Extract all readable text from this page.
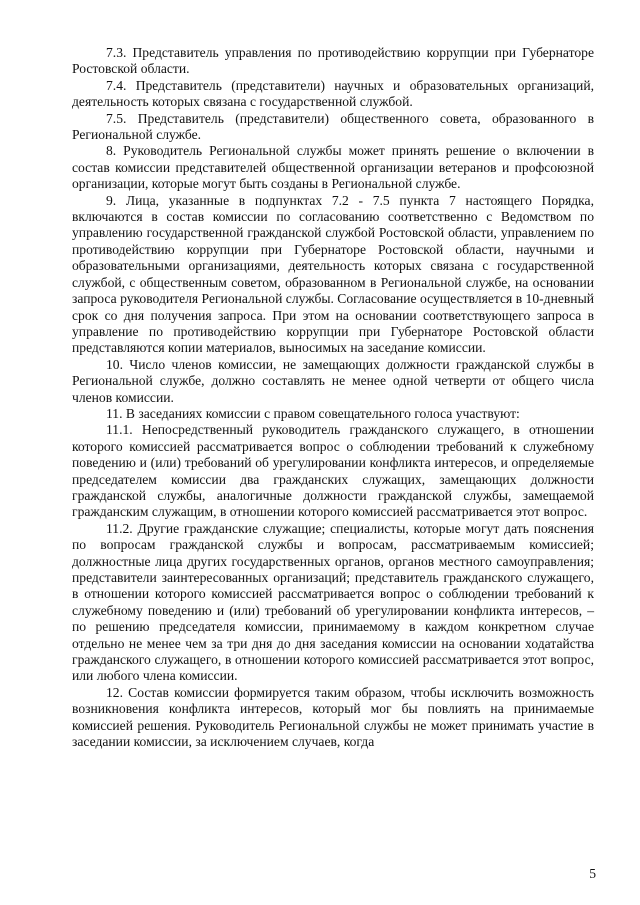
7.3. Представитель управления по противодействию коррупции при Губернаторе Ростовской области.

7.4. Представитель (представители) научных и образовательных организаций, деятельность которых связана с государственной службой.

7.5. Представитель (представители) общественного совета, образованного в Региональной службе.

8. Руководитель Региональной службы может принять решение о включении в состав комиссии представителей общественной организации ветеранов и профсоюзной организации, которые могут быть созданы в Региональной службе.

9. Лица, указанные в подпунктах 7.2 - 7.5 пункта 7 настоящего Порядка, включаются в состав комиссии по согласованию соответственно с Ведомством по управлению государственной гражданской службой Ростовской области, управлением по противодействию коррупции при Губернаторе Ростовской области, научными и образовательными организациями, деятельность которых связана с государственной службой, с общественным советом, образованном в Региональной службе, на основании запроса руководителя Региональной службы. Согласование осуществляется в 10-дневный срок со дня получения запроса. При этом на основании соответствующего запроса в управление по противодействию коррупции при Губернаторе Ростовской области представляются копии материалов, выносимых на заседание комиссии.

10. Число членов комиссии, не замещающих должности гражданской службы в Региональной службе, должно составлять не менее одной четверти от общего числа членов комиссии.

11. В заседаниях комиссии с правом совещательного голоса участвуют:

11.1. Непосредственный руководитель гражданского служащего, в отношении которого комиссией рассматривается вопрос о соблюдении требований к служебному поведению и (или) требований об урегулировании конфликта интересов, и определяемые председателем комиссии два гражданских служащих, замещающих должности гражданской службы, аналогичные должности гражданской службы, замещаемой гражданским служащим, в отношении которого комиссией рассматривается этот вопрос.

11.2. Другие гражданские служащие; специалисты, которые могут дать пояснения по вопросам гражданской службы и вопросам, рассматриваемым комиссией; должностные лица других государственных органов, органов местного самоуправления; представители заинтересованных организаций; представитель гражданского служащего, в отношении которого комиссией рассматривается вопрос о соблюдении требований к служебному поведению и (или) требований об урегулировании конфликта интересов, – по решению председателя комиссии, принимаемому в каждом конкретном случае отдельно не менее чем за три дня до дня заседания комиссии на основании ходатайства гражданского служащего, в отношении которого комиссией рассматривается этот вопрос, или любого члена комиссии.

12. Состав комиссии формируется таким образом, чтобы исключить возможность возникновения конфликта интересов, который мог бы повлиять на принимаемые комиссией решения. Руководитель Региональной службы не может принимать участие в заседании комиссии, за исключением случаев, когда

5
